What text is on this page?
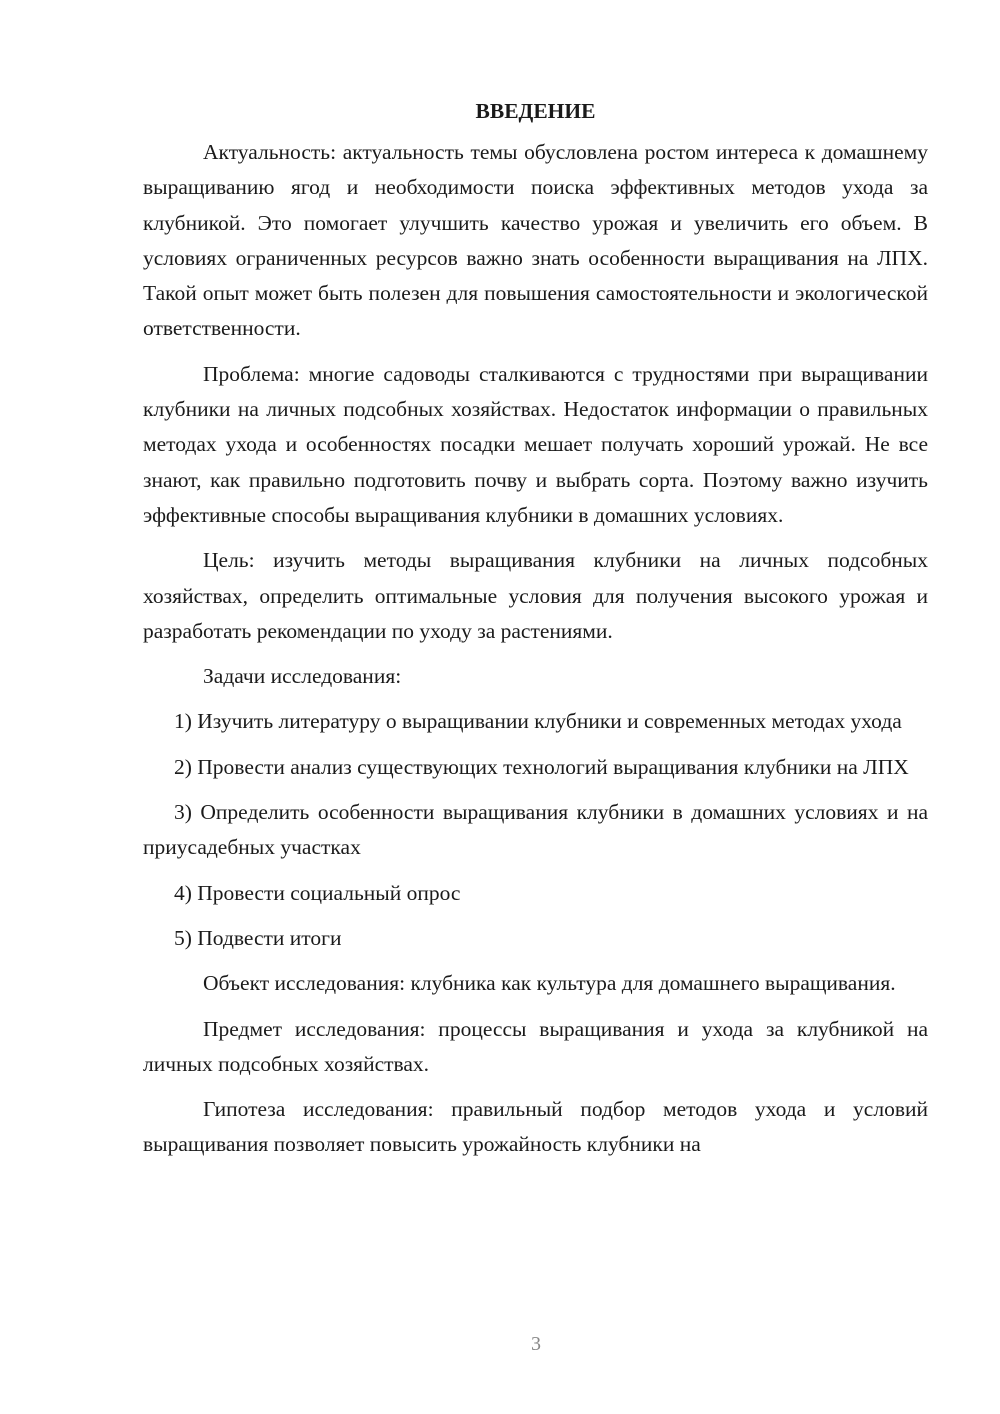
ВВЕДЕНИЕ

Актуальность: актуальность темы обусловлена ростом интереса к домашнему выращиванию ягод и необходимости поиска эффективных методов ухода за клубникой. Это помогает улучшить качество урожая и увеличить его объем. В условиях ограниченных ресурсов важно знать особенности выращивания на ЛПХ. Такой опыт может быть полезен для повышения самостоятельности и экологической ответственности.

Проблема: многие садоводы сталкиваются с трудностями при выращивании клубники на личных подсобных хозяйствах. Недостаток информации о правильных методах ухода и особенностях посадки мешает получать хороший урожай. Не все знают, как правильно подготовить почву и выбрать сорта. Поэтому важно изучить эффективные способы выращивания клубники в домашних условиях.

Цель: изучить методы выращивания клубники на личных подсобных хозяйствах, определить оптимальные условия для получения высокого урожая и разработать рекомендации по уходу за растениями.

Задачи исследования:

1) Изучить литературу о выращивании клубники и современных методах ухода

2) Провести анализ существующих технологий выращивания клубники на ЛПХ

3) Определить особенности выращивания клубники в домашних условиях и на приусадебных участках

4) Провести социальный опрос

5) Подвести итоги

Объект исследования: клубника как культура для домашнего выращивания.

Предмет исследования: процессы выращивания и ухода за клубникой на личных подсобных хозяйствах.

Гипотеза исследования: правильный подбор методов ухода и условий выращивания позволяет повысить урожайность клубники на

3
